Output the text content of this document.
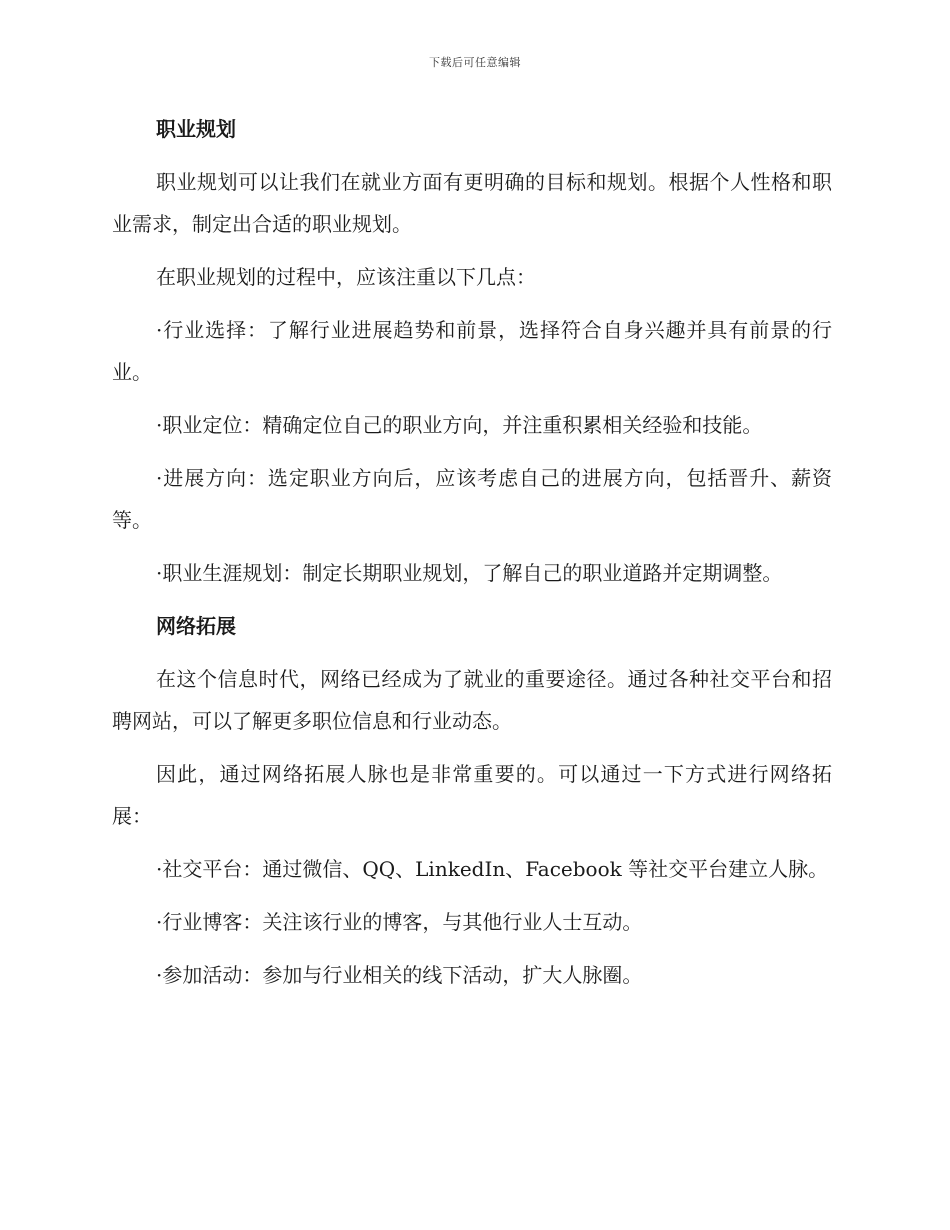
下载后可任意编辑
职业规划

职业规划可以让我们在就业方面有更明确的目标和规划。根据个人性格和职业需求，制定出合适的职业规划。

在职业规划的过程中，应该注重以下几点：

·行业选择：了解行业进展趋势和前景，选择符合自身兴趣并具有前景的行业。

·职业定位：精确定位自己的职业方向，并注重积累相关经验和技能。

·进展方向：选定职业方向后，应该考虑自己的进展方向，包括晋升、薪资等。

·职业生涯规划：制定长期职业规划，了解自己的职业道路并定期调整。

网络拓展

在这个信息时代，网络已经成为了就业的重要途径。通过各种社交平台和招聘网站，可以了解更多职位信息和行业动态。

因此，通过网络拓展人脉也是非常重要的。可以通过一下方式进行网络拓展：

·社交平台：通过微信、QQ、LinkedIn、Facebook 等社交平台建立人脉。

·行业博客：关注该行业的博客，与其他行业人士互动。

·参加活动：参加与行业相关的线下活动，扩大人脉圈。
